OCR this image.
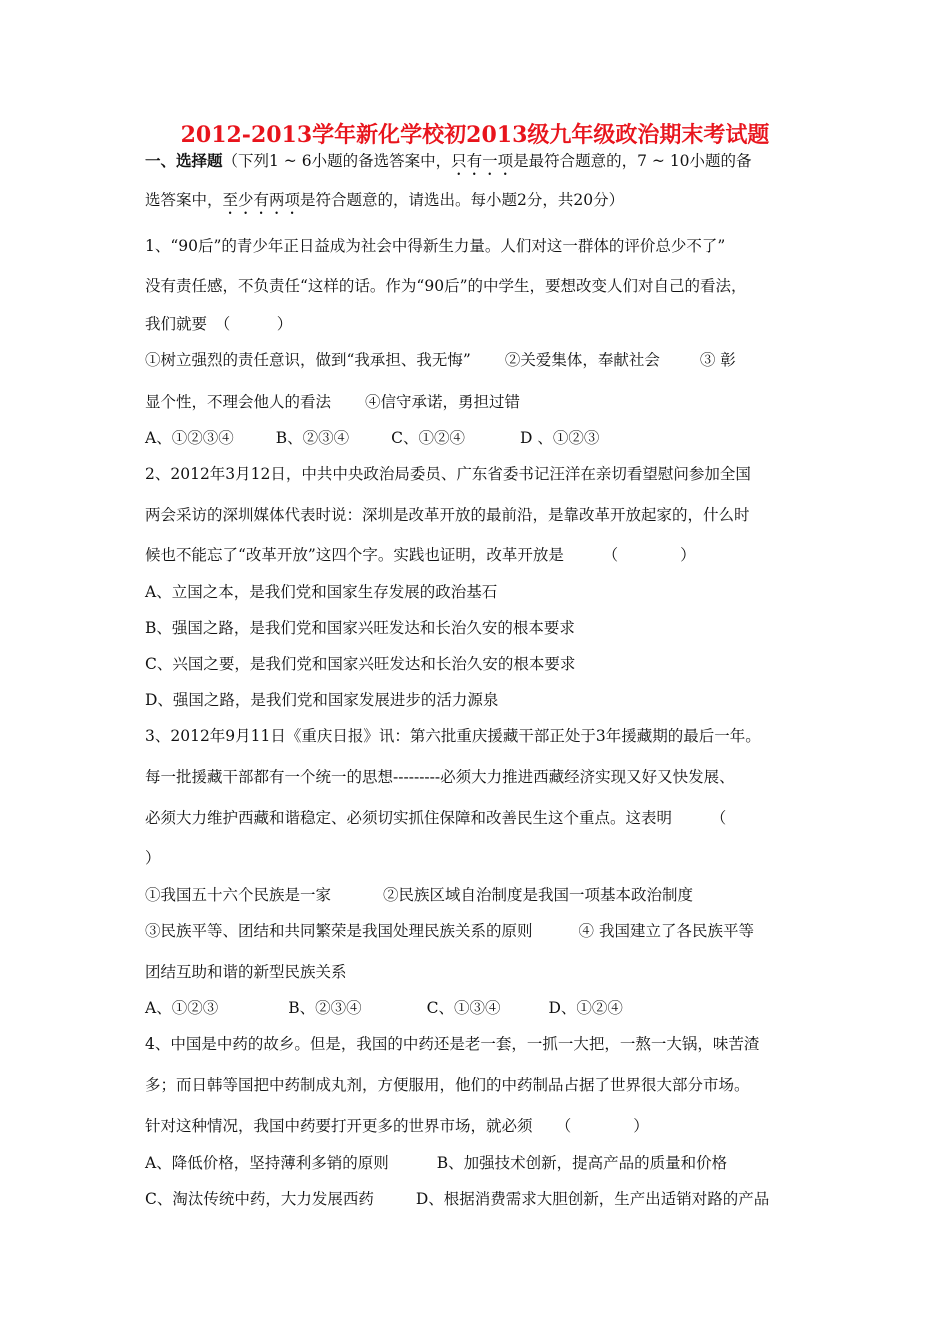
2012-2013学年新化学校初2013级九年级政治期末考试题
一、选择题（下列1 ~ 6小题的备选答案中，只有一项是最符合题意的，7 ~ 10小题的备
选答案中，至少有两项是符合题意的，请选出。每小题2分，共20分）
1、“90后”的青少年正日益成为社会中得新生力量。人们对这一群体的评价总少不了”
没有责任感，不负责任“这样的话。作为“90后”的中学生，要想改变人们对自己的看法，
我们就要　（　　　）
①树立强烈的责任意识，做到“我承担、我无悔” ②关爱集体，奉献社会	③ 彰
显个性，不理会他人的看法 ④信守承诺，勇担过错
A、①②③④	B、②③④	C、①②④	D 、①②③
2、2012年3月12日，中共中央政治局委员、广东省委书记汪洋在亲切看望慰问参加全国
两会采访的深圳媒体代表时说：深圳是改革开放的最前沿，是靠改革开放起家的，什么时
候也不能忘了“改革开放”这四个字。实践也证明，改革开放是　　　（　　　　）
A、立国之本，是我们党和国家生存发展的政治基石
B、强国之路，是我们党和国家兴旺发达和长治久安的根本要求
C、兴国之要，是我们党和国家兴旺发达和长治久安的根本要求
D、强国之路，是我们党和国家发展进步的活力源泉
3、2012年9月11日《重庆日报》讯：第六批重庆援藏干部正处于3年援藏期的最后一年。
每一批援藏干部都有一个统一的思想---------必须大力推进西藏经济实现又好又快发展、
必须大力维护西藏和谐稳定、必须切实抓住保障和改善民生这个重点。这表明　　　（
）
①我国五十六个民族是一家	②民族区域自治制度是我国一项基本政治制度
③民族平等、团结和共同繁荣是我国处理民族关系的原则	④ 我国建立了各民族平等
团结互助和谐的新型民族关系
A、①②③	B、②③④	C、①③④	D、①②④
4、中国是中药的故乡。但是，我国的中药还是老一套，一抓一大把，一熬一大锅，味苦渣
多；而日韩等国把中药制成丸剂，方便服用，他们的中药制品占据了世界很大部分市场。
针对这种情况，我国中药要打开更多的世界市场，就必须　　（　　　　）
A、降低价格，坚持薄利多销的原则	B、加强技术创新，提高产品的质量和价格
C、淘汰传统中药，大力发展西药	D、根据消费需求大胆创新，生产出适销对路的产品
